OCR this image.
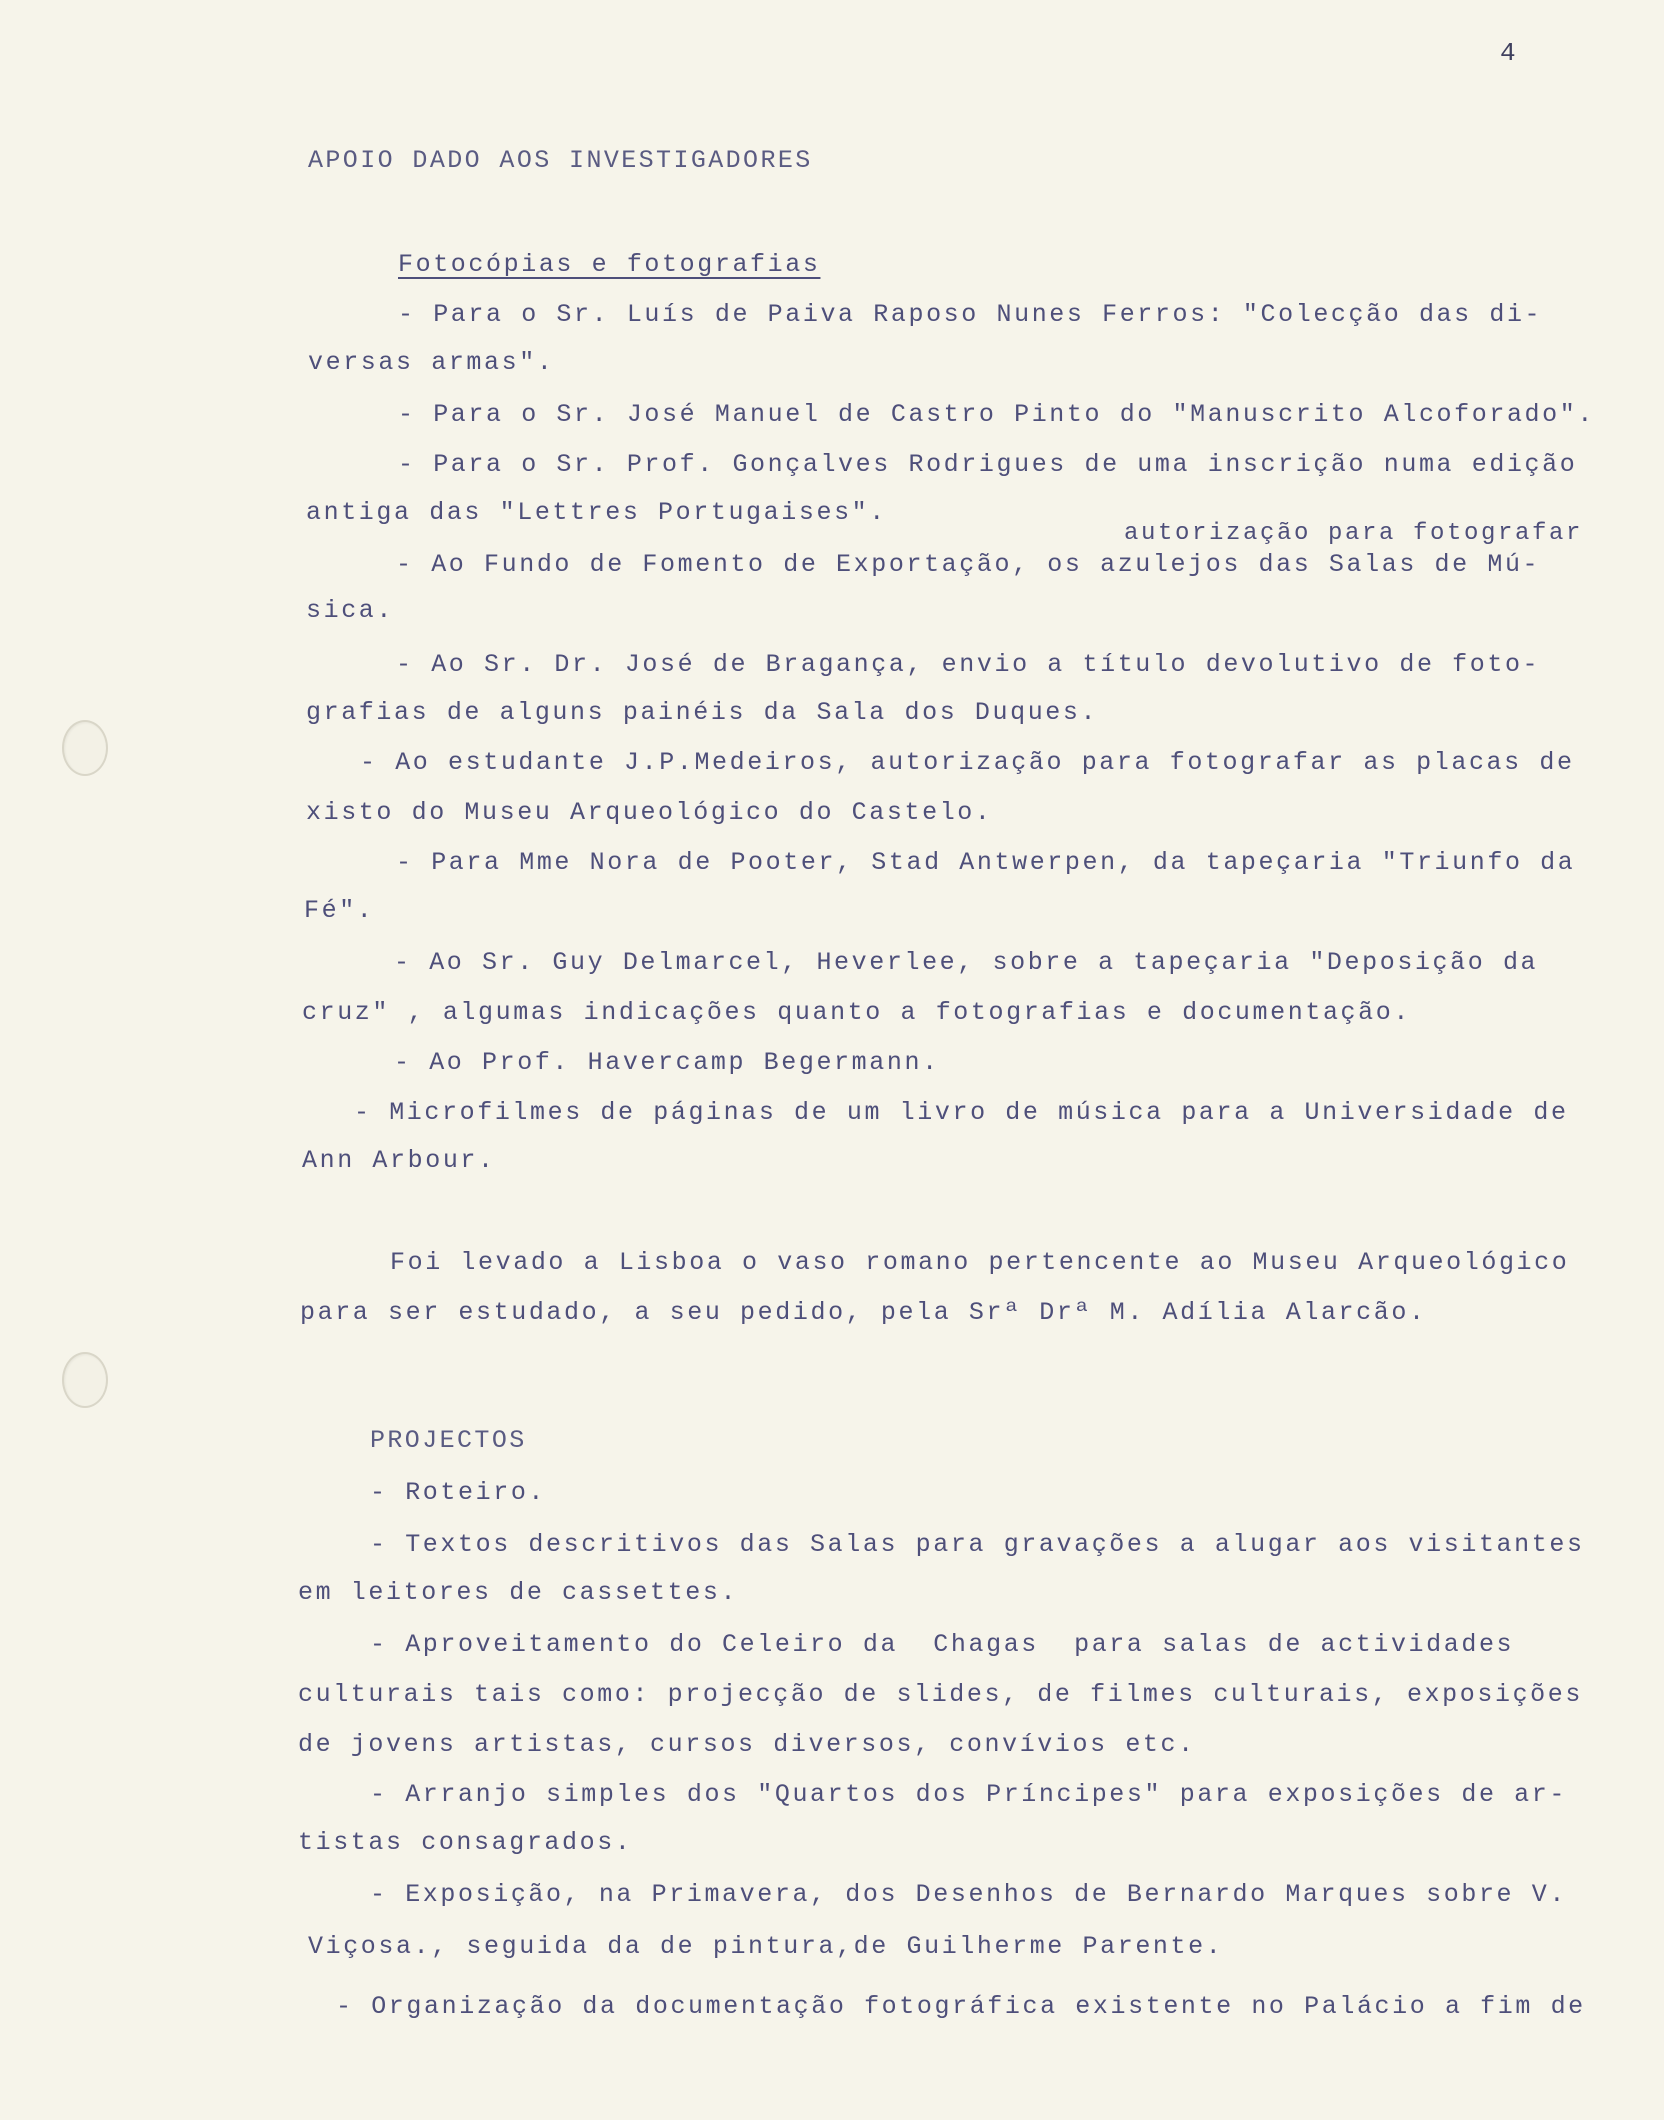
4
APOIO DADO AOS INVESTIGADORES
Fotocópias e fotografias
- Para o Sr. Luís de Paiva Raposo Nunes Ferros: "Colecção das di-
versas armas".
- Para o Sr. José Manuel de Castro Pinto do "Manuscrito Alcoforado".
- Para o Sr. Prof. Gonçalves Rodrigues de uma inscrição numa edição
antiga das "Lettres Portugaises".
autorização para fotografar
- Ao Fundo de Fomento de Exportação, os azulejos das Salas de Mú-
sica.
- Ao Sr. Dr. José de Bragança, envio a título devolutivo de foto-
grafias de alguns painéis da Sala dos Duques.
- Ao estudante J.P.Medeiros, autorização para fotografar as placas de
xisto do Museu Arqueológico do Castelo.
- Para Mme Nora de Pooter, Stad Antwerpen, da tapeçaria "Triunfo da
Fé".
- Ao Sr. Guy Delmarcel, Heverlee, sobre a tapeçaria "Deposição da
cruz" , algumas indicações quanto a fotografias e documentação.
- Ao Prof. Havercamp Begermann.
- Microfilmes de páginas de um livro de música para a Universidade de
Ann Arbour.
Foi levado a Lisboa o vaso romano pertencente ao Museu Arqueológico
para ser estudado, a seu pedido, pela Srª Drª M. Adília Alarcão.
PROJECTOS
- Roteiro.
- Textos descritivos das Salas para gravações a alugar aos visitantes
em leitores de cassettes.
- Aproveitamento do Celeiro da  Chagas  para salas de actividades
culturais tais como: projecção de slides, de filmes culturais, exposições
de jovens artistas, cursos diversos, convívios etc.
- Arranjo simples dos "Quartos dos Príncipes" para exposições de ar-
tistas consagrados.
- Exposição, na Primavera, dos Desenhos de Bernardo Marques sobre V.
Viçosa., seguida da de pintura,de Guilherme Parente.
- Organização da documentação fotográfica existente no Palácio a fim de
